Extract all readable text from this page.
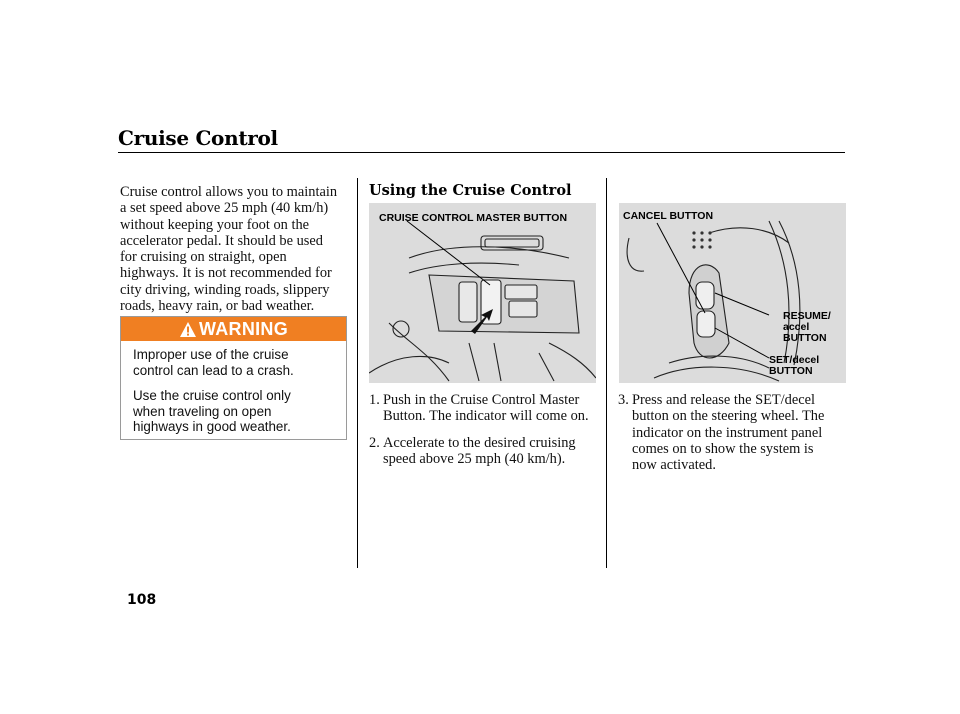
Cruise Control
Cruise control allows you to maintain
a set speed above 25 mph (40 km/h)
without keeping your foot on the
accelerator pedal. It should be used
for cruising on straight, open
highways. It is not recommended for
city driving, winding roads, slippery
roads, heavy rain, or bad weather.
WARNING

Improper use of the cruise
control can lead to a crash.

Use the cruise control only
when traveling on open
highways in good weather.

Using the Cruise Control
CRUISE CONTROL MASTER BUTTON	CANCEL BUTTON
RESUME/
accel
BUTTON
SET/decel
BUTTON
1. Push in the Cruise Control Master
Button. The indicator will come on.
2. Accelerate to the desired cruising
speed above 25 mph (40 km/h).
3. Press and release the SET/decel
button on the steering wheel. The
indicator on the instrument panel
comes on to show the system is
now activated.
108
